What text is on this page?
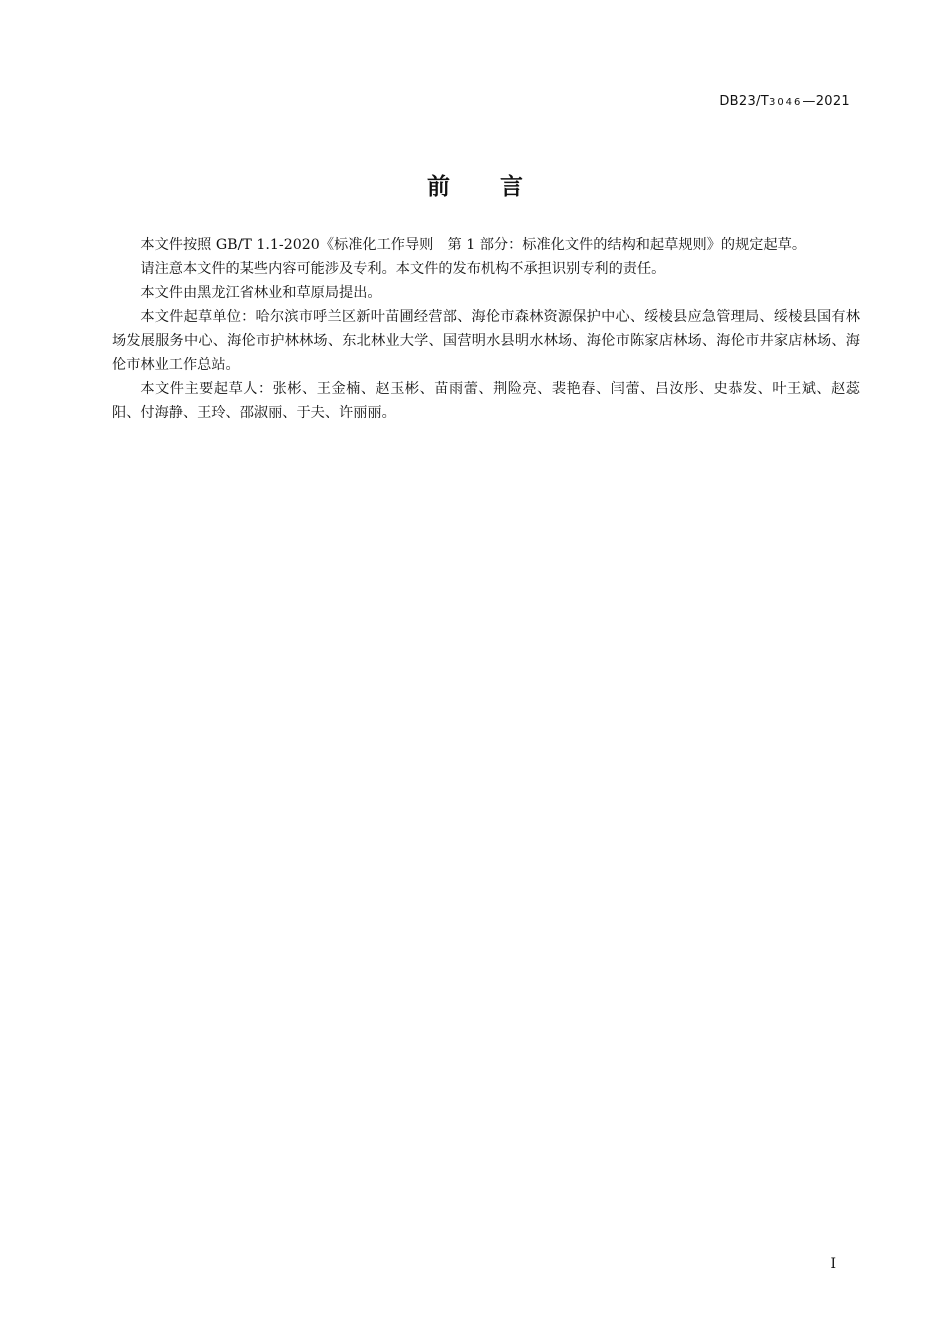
DB23/T3046—2021
前言

本文件按照 GB/T 1.1-2020《标准化工作导则　第 1 部分：标准化文件的结构和起草规则》的规定起草。

请注意本文件的某些内容可能涉及专利。本文件的发布机构不承担识别专利的责任。

本文件由黑龙江省林业和草原局提出。

本文件起草单位：哈尔滨市呼兰区新叶苗圃经营部、海伦市森林资源保护中心、绥棱县应急管理局、绥棱县国有林场发展服务中心、海伦市护林林场、东北林业大学、国营明水县明水林场、海伦市陈家店林场、海伦市井家店林场、海伦市林业工作总站。

本文件主要起草人：张彬、王金楠、赵玉彬、苗雨蕾、荆险亮、裴艳春、闫蕾、吕汝彤、史恭发、叶王斌、赵蕊阳、付海静、王玲、邵淑丽、于夫、许丽丽。

I
